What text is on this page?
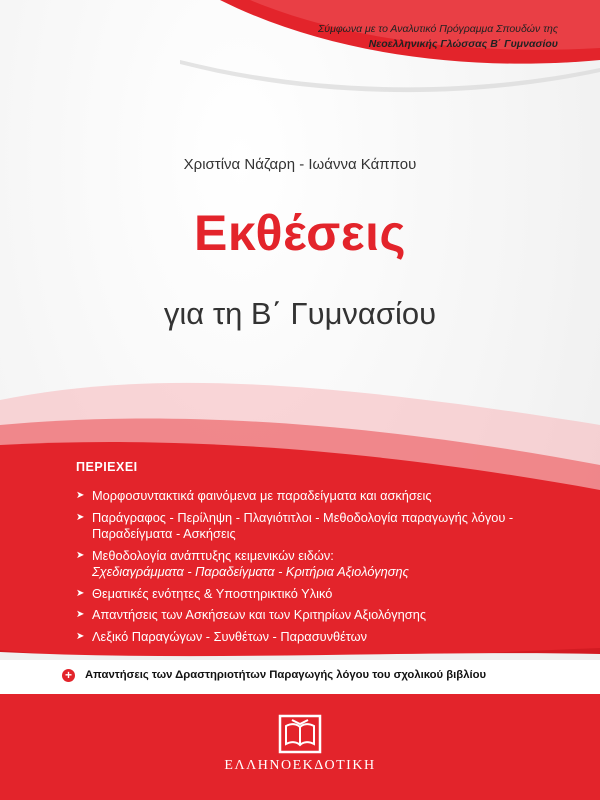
Σύμφωνα με το Αναλυτικό Πρόγραμμα Σπουδών της
Νεοελληνικής Γλώσσας Β΄ Γυμνασίου
Χριστίνα Νάζαρη - Ιωάννα Κάππου
Εκθέσεις
για τη Β΄ Γυμνασίου
ΠΕΡΙΕΧΕΙ
➤ Μορφοσυντακτικά φαινόμενα με παραδείγματα και ασκήσεις
➤ Παράγραφος - Περίληψη - Πλαγιότιτλοι - Μεθοδολογία παραγωγής λόγου - Παραδείγματα - Ασκήσεις
➤ Μεθοδολογία ανάπτυξης κειμενικών ειδών:
Σχεδιαγράμματα - Παραδείγματα - Κριτήρια Αξιολόγησης
➤ Θεματικές ενότητες & Υποστηρικτικό Υλικό
➤ Απαντήσεις των Ασκήσεων και των Κριτηρίων Αξιολόγησης
➤ Λεξικό Παραγώγων - Συνθέτων - Παρασυνθέτων
+ Απαντήσεις των Δραστηριοτήτων Παραγωγής λόγου του σχολικού βιβλίου
ΕΛΛΗΝΟΕΚΔΟΤΙΚΗ
